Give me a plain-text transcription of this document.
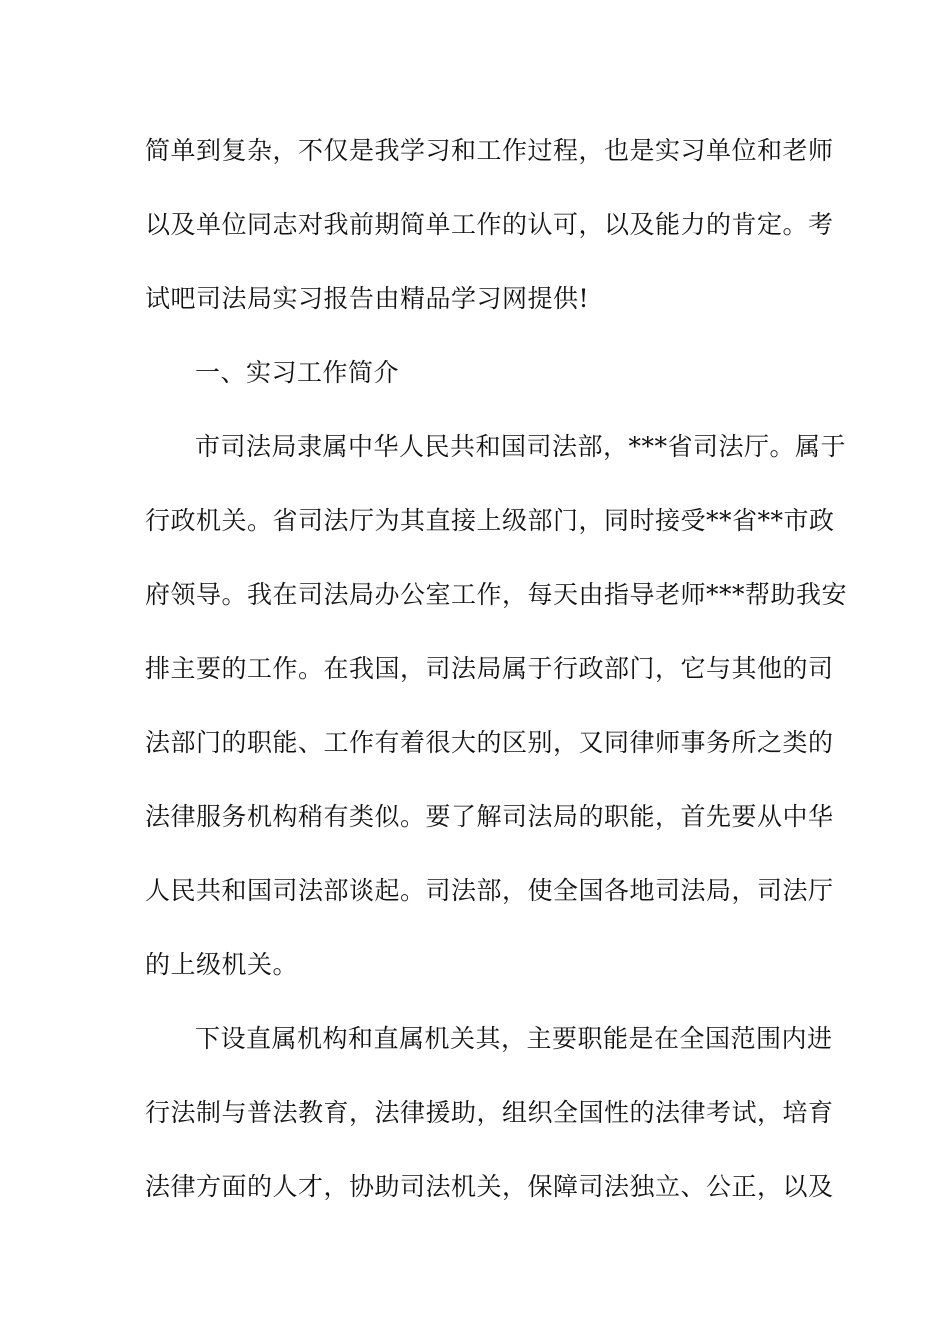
简单到复杂，不仅是我学习和工作过程，也是实习单位和老师
以及单位同志对我前期简单工作的认可，以及能力的肯定。考
试吧司法局实习报告由精品学习网提供!
一、实习工作简介
市司法局隶属中华人民共和国司法部，***省司法厅。属于
行政机关。省司法厅为其直接上级部门，同时接受**省**市政
府领导。我在司法局办公室工作，每天由指导老师***帮助我安
排主要的工作。在我国，司法局属于行政部门，它与其他的司
法部门的职能、工作有着很大的区别，又同律师事务所之类的
法律服务机构稍有类似。要了解司法局的职能，首先要从中华
人民共和国司法部谈起。司法部，使全国各地司法局，司法厅
的上级机关。
下设直属机构和直属机关其，主要职能是在全国范围内进
行法制与普法教育，法律援助，组织全国性的法律考试，培育
法律方面的人才，协助司法机关，保障司法独立、公正，以及
